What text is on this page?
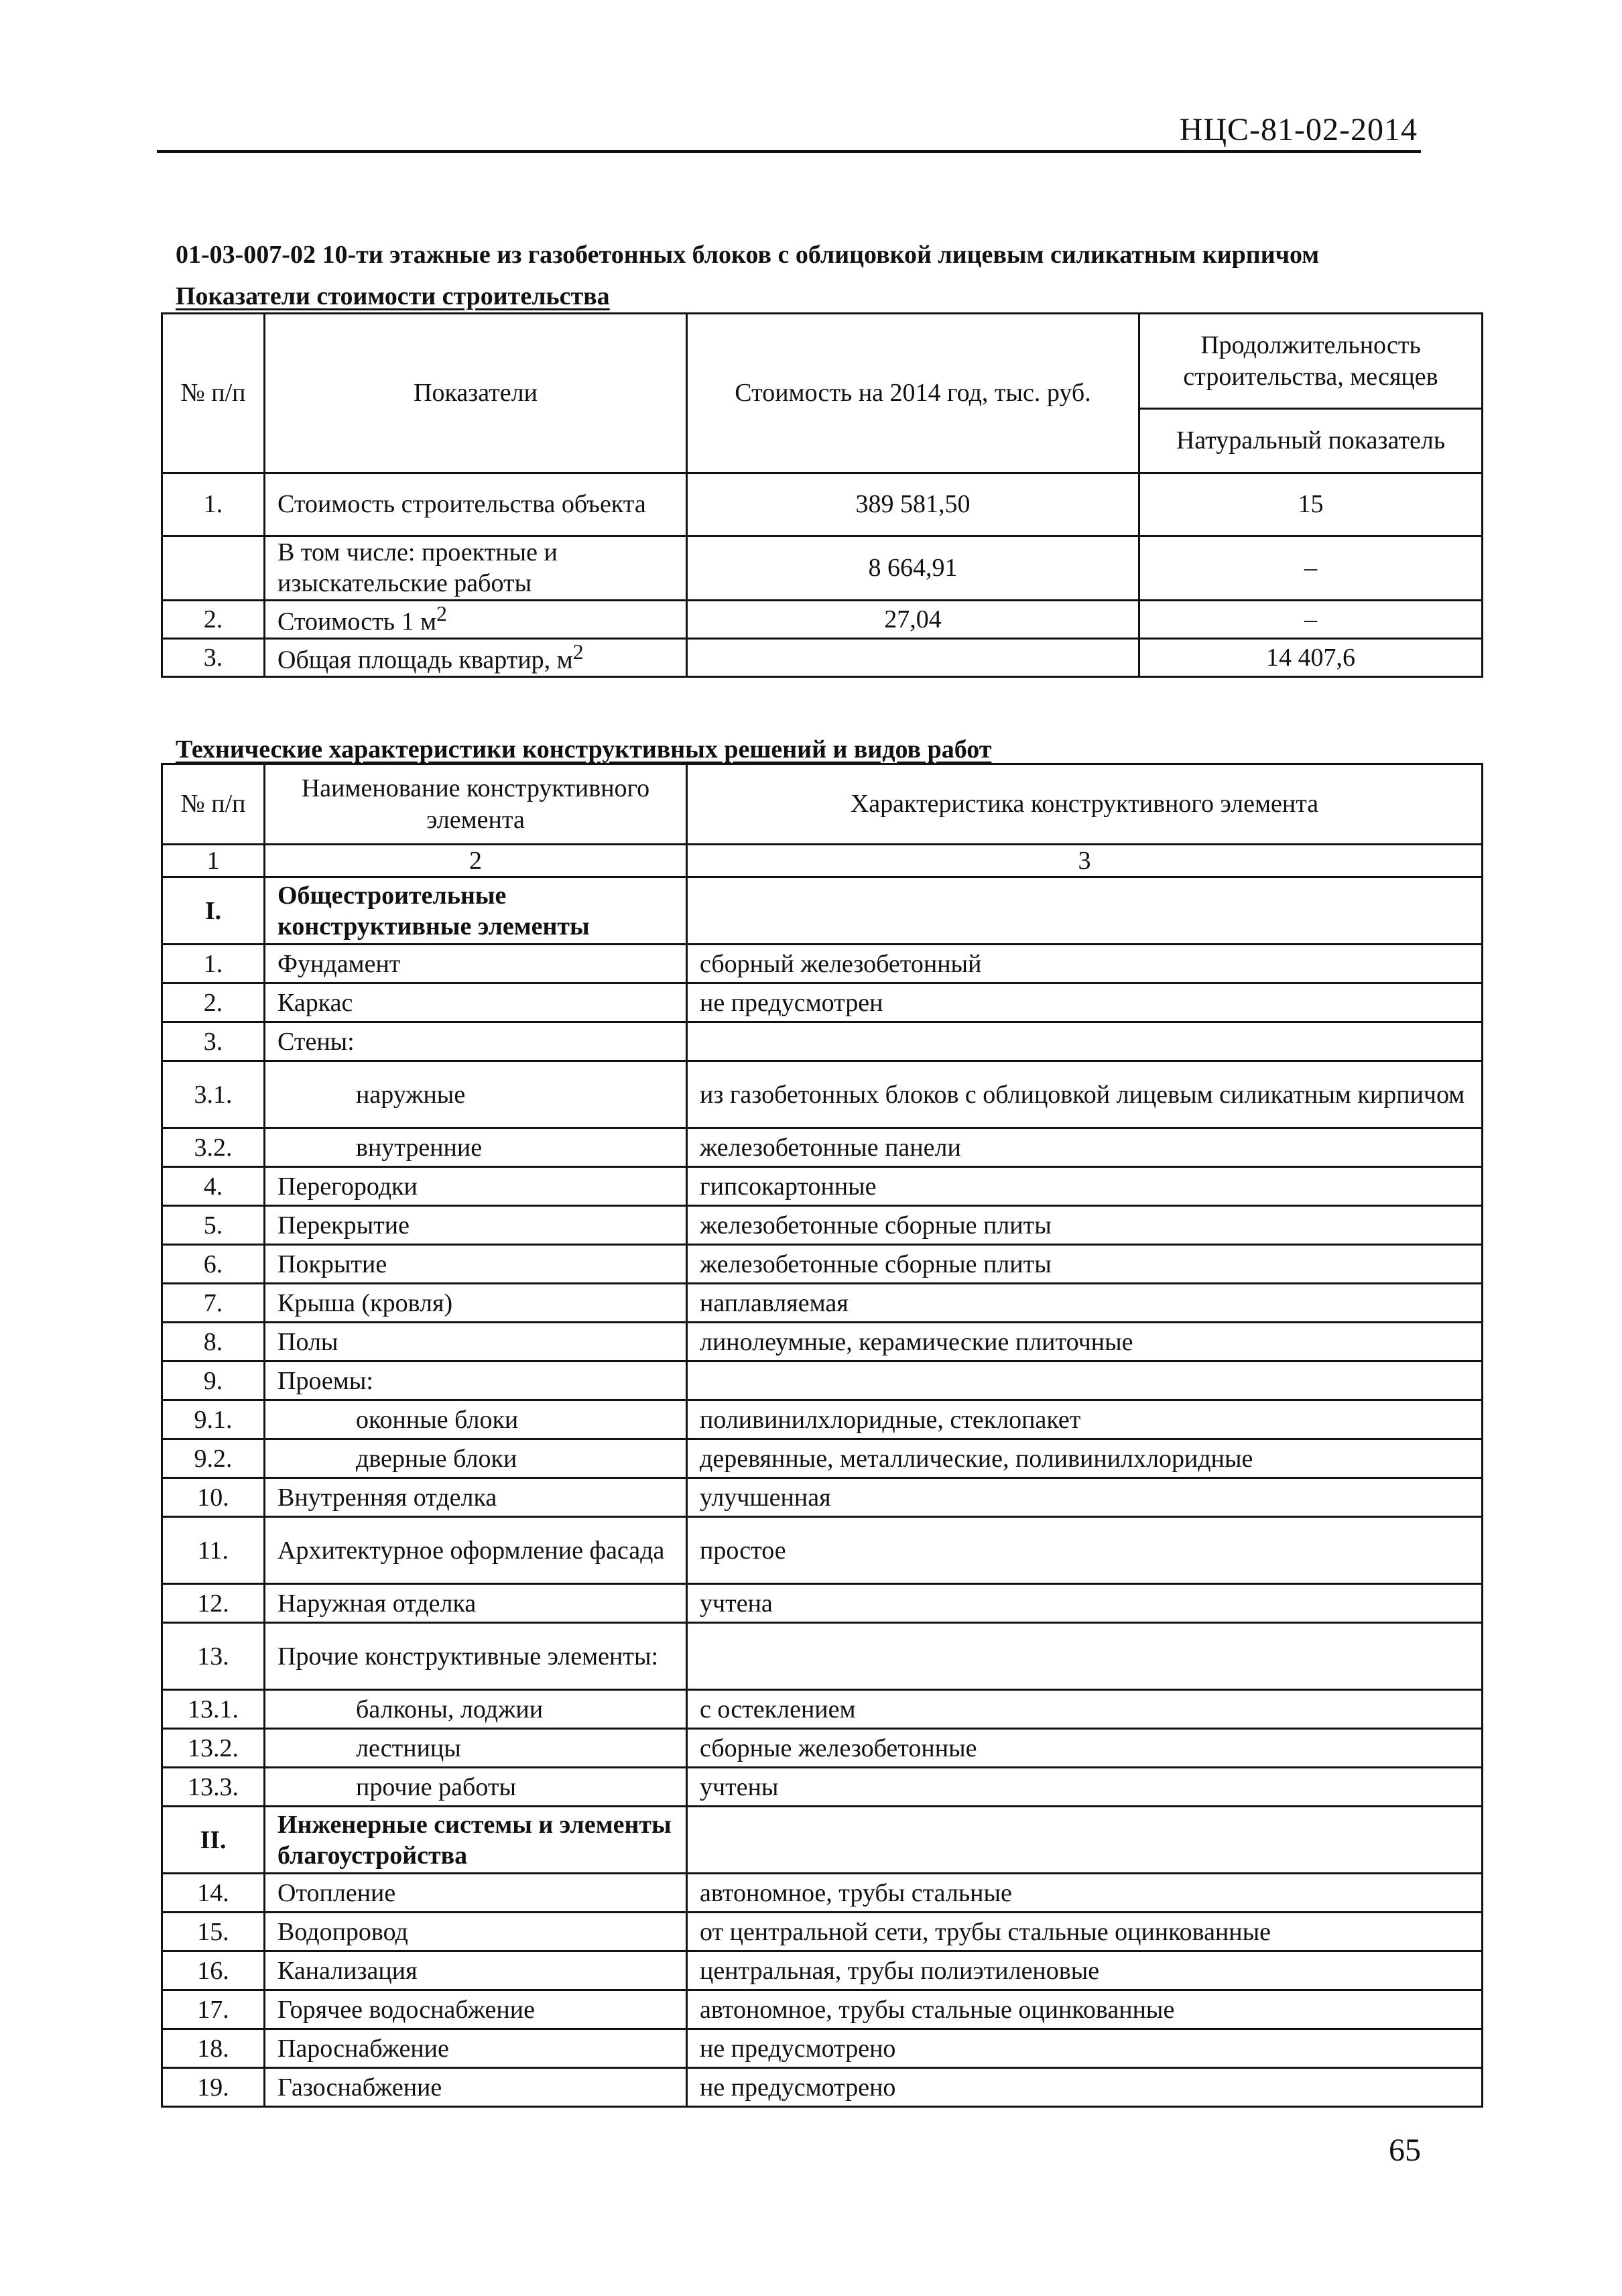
НЦС-81-02-2014
01-03-007-02 10-ти этажные из газобетонных блоков с облицовкой лицевым силикатным кирпичом
Показатели стоимости строительства
№ п/п	Показатели	Стоимость на 2014 год, тыс. руб.	Продолжительность строительства, месяцев
			Натуральный показатель
1.	Стоимость строительства объекта	389 581,50	15
	В том числе: проектные и изыскательские работы	8 664,91	–
2.	Стоимость 1 $м^2$	27,04	–
3.	Общая площадь квартир, $м^2$		14 407,6
Технические характеристики конструктивных решений и видов работ
№ п/п	Наименование конструктивного элемента	Характеристика конструктивного элемента
1	2	3
I.	Общестроительные конструктивные элементы	
1.	Фундамент	сборный железобетонный
2.	Каркас	не предусмотрен
3.	Стены:	
3.1.	наружные	из газобетонных блоков с облицовкой лицевым силикатным кирпичом
3.2.	внутренние	железобетонные панели
4.	Перегородки	гипсокартонные
5.	Перекрытие	железобетонные сборные плиты
6.	Покрытие	железобетонные сборные плиты
7.	Крыша (кровля)	наплавляемая
8.	Полы	линолеумные, керамические плиточные
9.	Проемы:	
9.1.	оконные блоки	поливинилхлоридные, стеклопакет
9.2.	дверные блоки	деревянные, металлические, поливинилхлоридные
10.	Внутренняя отделка	улучшенная
11.	Архитектурное оформление фасада	простое
12.	Наружная отделка	учтена
13.	Прочие конструктивные элементы:	
13.1.	балконы, лоджии	с остеклением
13.2.	лестницы	сборные железобетонные
13.3.	прочие работы	учтены
II.	Инженерные системы и элементы благоустройства	
14.	Отопление	автономное, трубы стальные
15.	Водопровод	от центральной сети, трубы стальные оцинкованные
16.	Канализация	центральная, трубы полиэтиленовые
17.	Горячее водоснабжение	автономное, трубы стальные оцинкованные
18.	Пароснабжение	не предусмотрено
19.	Газоснабжение	не предусмотрено
65
